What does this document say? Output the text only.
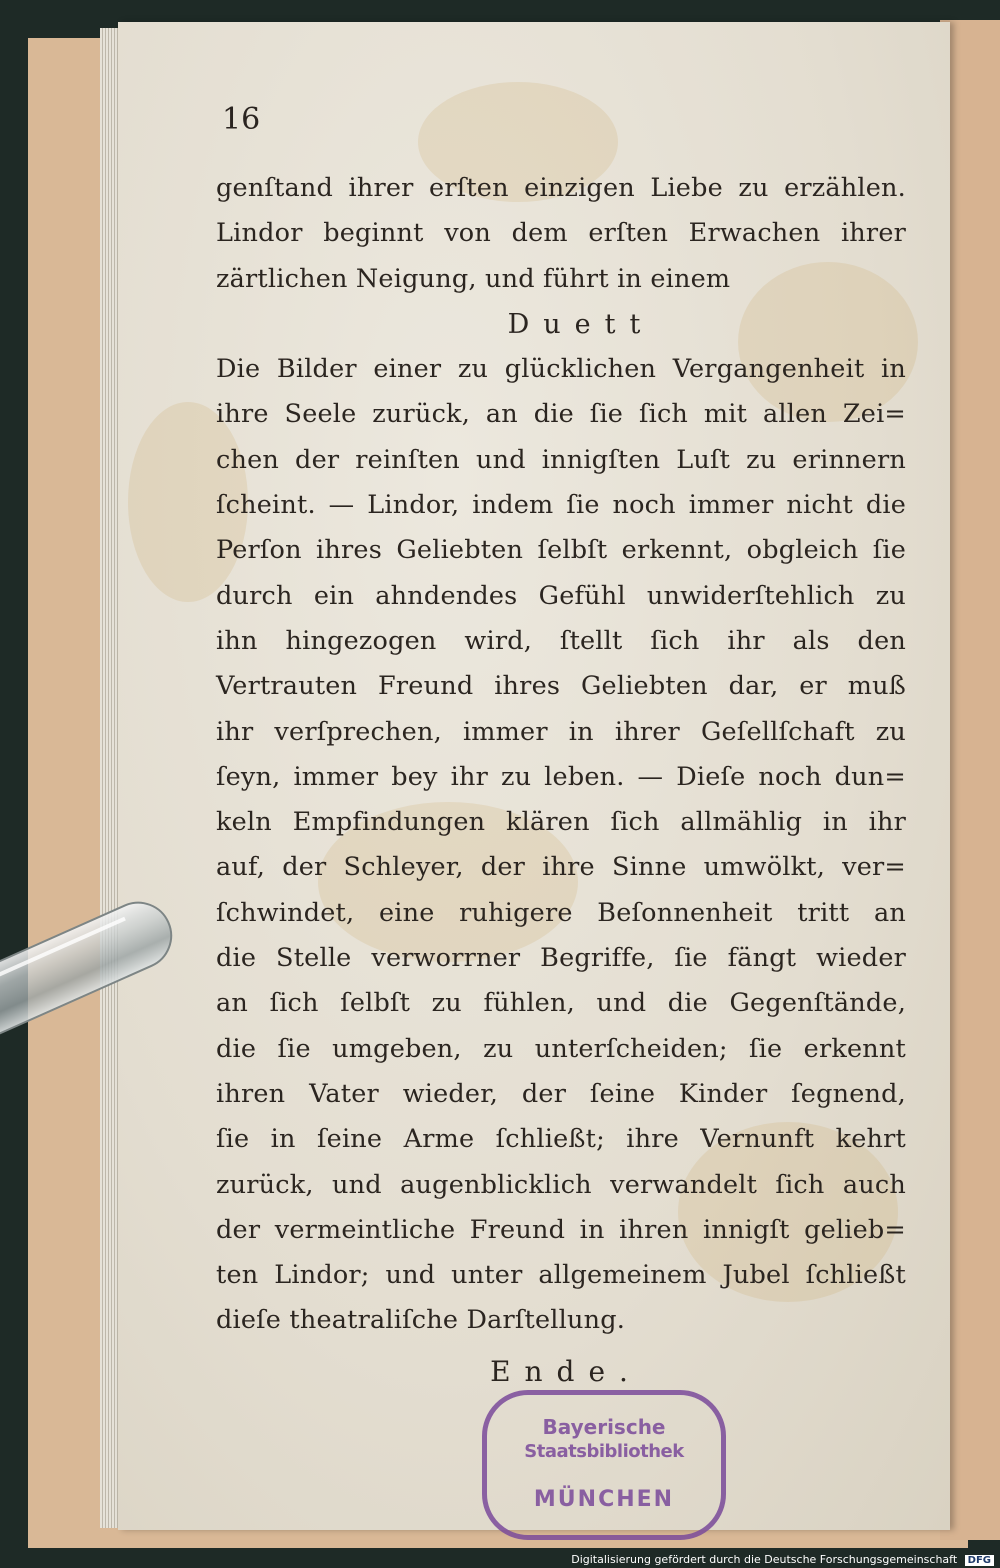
16
genſtand ihrer erſten einzigen Liebe zu erzählen.
Lindor beginnt von dem erſten Erwachen ihrer
zärtlichen Neigung, und führt in einem
Duett
Die Bilder einer zu glücklichen Vergangenheit in
ihre Seele zurück, an die ſie ſich mit allen Zei=
chen der reinſten und innigſten Luſt zu erinnern
ſcheint. — Lindor, indem ſie noch immer nicht die
Perſon ihres Geliebten ſelbſt erkennt, obgleich ſie
durch ein ahndendes Gefühl unwiderſtehlich zu
ihn hingezogen wird, ſtellt ſich ihr als den
Vertrauten Freund ihres Geliebten dar, er muß
ihr verſprechen, immer in ihrer Geſellſchaft zu
ſeyn, immer bey ihr zu leben. — Dieſe noch dun=
keln Empfindungen klären ſich allmählig in ihr
auf, der Schleyer, der ihre Sinne umwölkt, ver=
ſchwindet, eine ruhigere Beſonnenheit tritt an
die Stelle verworrner Begriffe, ſie fängt wieder
an ſich ſelbſt zu fühlen, und die Gegenſtände,
die ſie umgeben, zu unterſcheiden; ſie erkennt
ihren Vater wieder, der ſeine Kinder ſegnend,
ſie in ſeine Arme ſchließt; ihre Vernunft kehrt
zurück, und augenblicklich verwandelt ſich auch
der vermeintliche Freund in ihren innigſt gelieb=
ten Lindor; und unter allgemeinem Jubel ſchließt
dieſe theatraliſche Darſtellung.
Ende.
Bayerische
Staatsbibliothek
MÜNCHEN
Digitalisierung gefördert durch die Deutsche Forschungsgemeinschaft DFG
